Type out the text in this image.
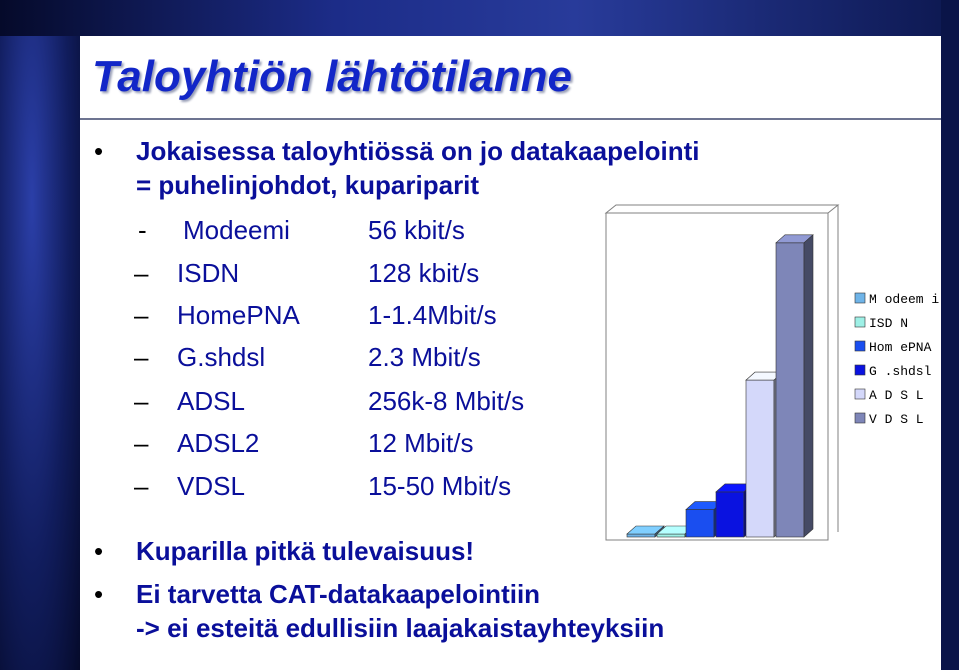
Taloyhtiön lähtötilanne
• Jokaisessa taloyhtiössä on jo datakaapelointi
= puhelinjohdot, kupariparit
- Modeemi	56 kbit/s
– ISDN	128 kbit/s
– HomePNA	1-1.4Mbit/s
– G.shdsl	2.3 Mbit/s
– ADSL	256k-8 Mbit/s
– ADSL2	12 Mbit/s
– VDSL	15-50 Mbit/s
M odeem i
ISD N
Hom ePNA
G .shdsl
A D S L
V D S L
• Kuparilla pitkä tulevaisuus!
• Ei tarvetta CAT-datakaapelointiin
-> ei esteitä edullisiin laajakaistayhteyksiin
